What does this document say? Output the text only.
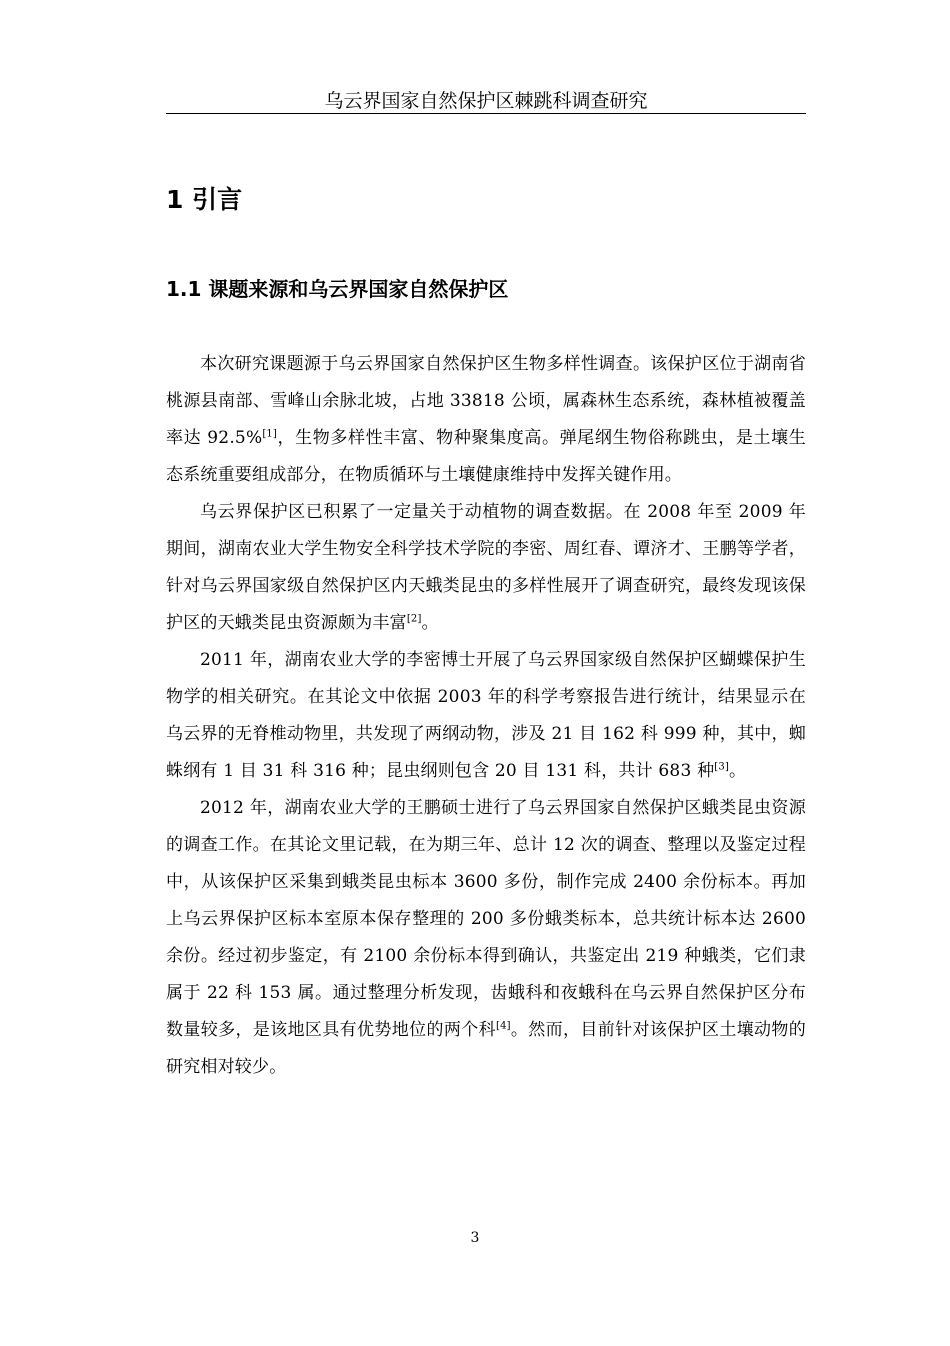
乌云界国家自然保护区棘跳科调查研究
1 引言
1.1 课题来源和乌云界国家自然保护区

本次研究课题源于乌云界国家自然保护区生物多样性调查。该保护区位于湖南省桃源县南部、雪峰山余脉北坡，占地 33818 公顷，属森林生态系统，森林植被覆盖率达 92.5%[1]，生物多样性丰富、物种聚集度高。弹尾纲生物俗称跳虫，是土壤生态系统重要组成部分，在物质循环与土壤健康维持中发挥关键作用。

乌云界保护区已积累了一定量关于动植物的调查数据。在 2008 年至 2009 年期间，湖南农业大学生物安全科学技术学院的李密、周红春、谭济才、王鹏等学者，针对乌云界国家级自然保护区内天蛾类昆虫的多样性展开了调查研究，最终发现该保护区的天蛾类昆虫资源颇为丰富[2]。

2011 年，湖南农业大学的李密博士开展了乌云界国家级自然保护区蝴蝶保护生物学的相关研究。在其论文中依据 2003 年的科学考察报告进行统计，结果显示在乌云界的无脊椎动物里，共发现了两纲动物，涉及 21 目 162 科 999 种，其中，蜘蛛纲有 1 目 31 科 316 种；昆虫纲则包含 20 目 131 科，共计 683 种[3]。

2012 年，湖南农业大学的王鹏硕士进行了乌云界国家自然保护区蛾类昆虫资源的调查工作。在其论文里记载，在为期三年、总计 12 次的调查、整理以及鉴定过程中，从该保护区采集到蛾类昆虫标本 3600 多份，制作完成 2400 余份标本。再加上乌云界保护区标本室原本保存整理的 200 多份蛾类标本，总共统计标本达 2600 余份。经过初步鉴定，有 2100 余份标本得到确认，共鉴定出 219 种蛾类，它们隶属于 22 科 153 属。通过整理分析发现，齿蛾科和夜蛾科在乌云界自然保护区分布数量较多，是该地区具有优势地位的两个科[4]。然而，目前针对该保护区土壤动物的研究相对较少。

3
